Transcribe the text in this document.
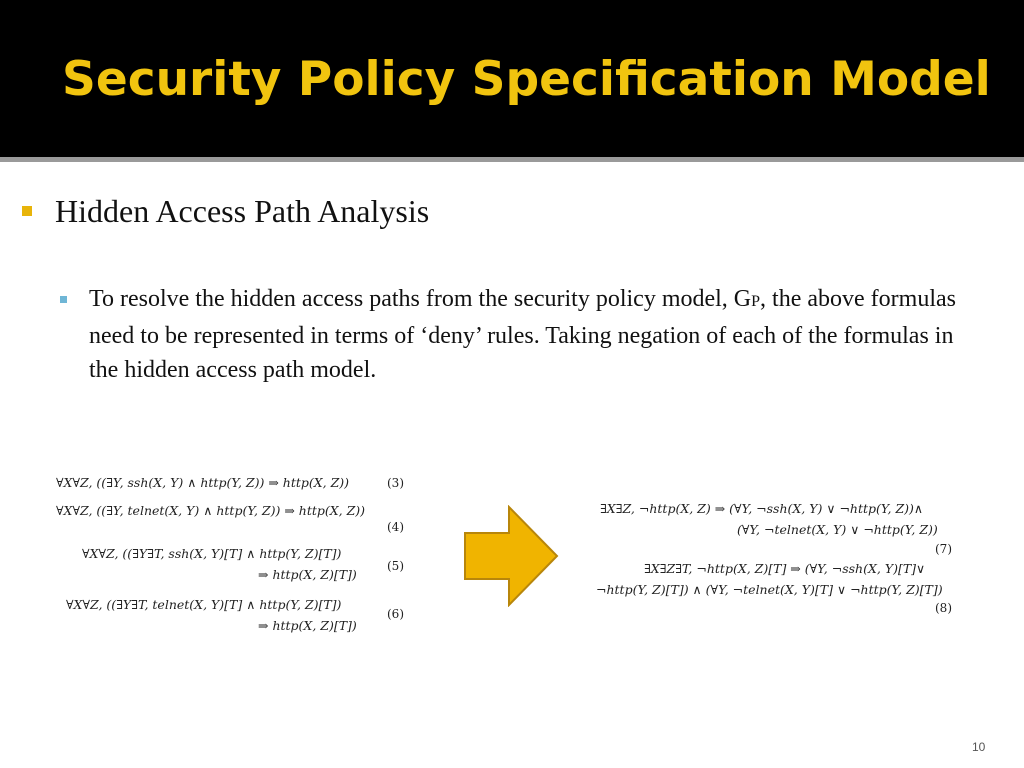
Security Policy Specification Model
Hidden Access Path Analysis
To resolve the hidden access paths from the security policy model, GP, the above formulas need to be represented in terms of ‘deny’ rules. Taking negation of each of the formulas in the hidden access path model.
∀X∀Z, ((∃Y, ssh(X, Y) ∧ http(Y, Z)) ⇒ http(X, Z))	(3)
∀X∀Z, ((∃Y, telnet(X, Y) ∧ http(Y, Z)) ⇒ http(X, Z))
(4)
∀X∀Z, ((∃Y∃T, ssh(X, Y)[T] ∧ http(Y, Z)[T])
⇒ http(X, Z)[T])
(5)
∀X∀Z, ((∃Y∃T, telnet(X, Y)[T] ∧ http(Y, Z)[T])
⇒ http(X, Z)[T])
(6)
∃X∃Z, ¬http(X, Z) ⇒ (∀Y, ¬ssh(X, Y) ∨ ¬http(Y, Z))∧
(∀Y, ¬telnet(X, Y) ∨ ¬http(Y, Z))
(7)
∃X∃Z∃T, ¬http(X, Z)[T] ⇒ (∀Y, ¬ssh(X, Y)[T]∨
¬http(Y, Z)[T]) ∧ (∀Y, ¬telnet(X, Y)[T] ∨ ¬http(Y, Z)[T])
(8)
10
